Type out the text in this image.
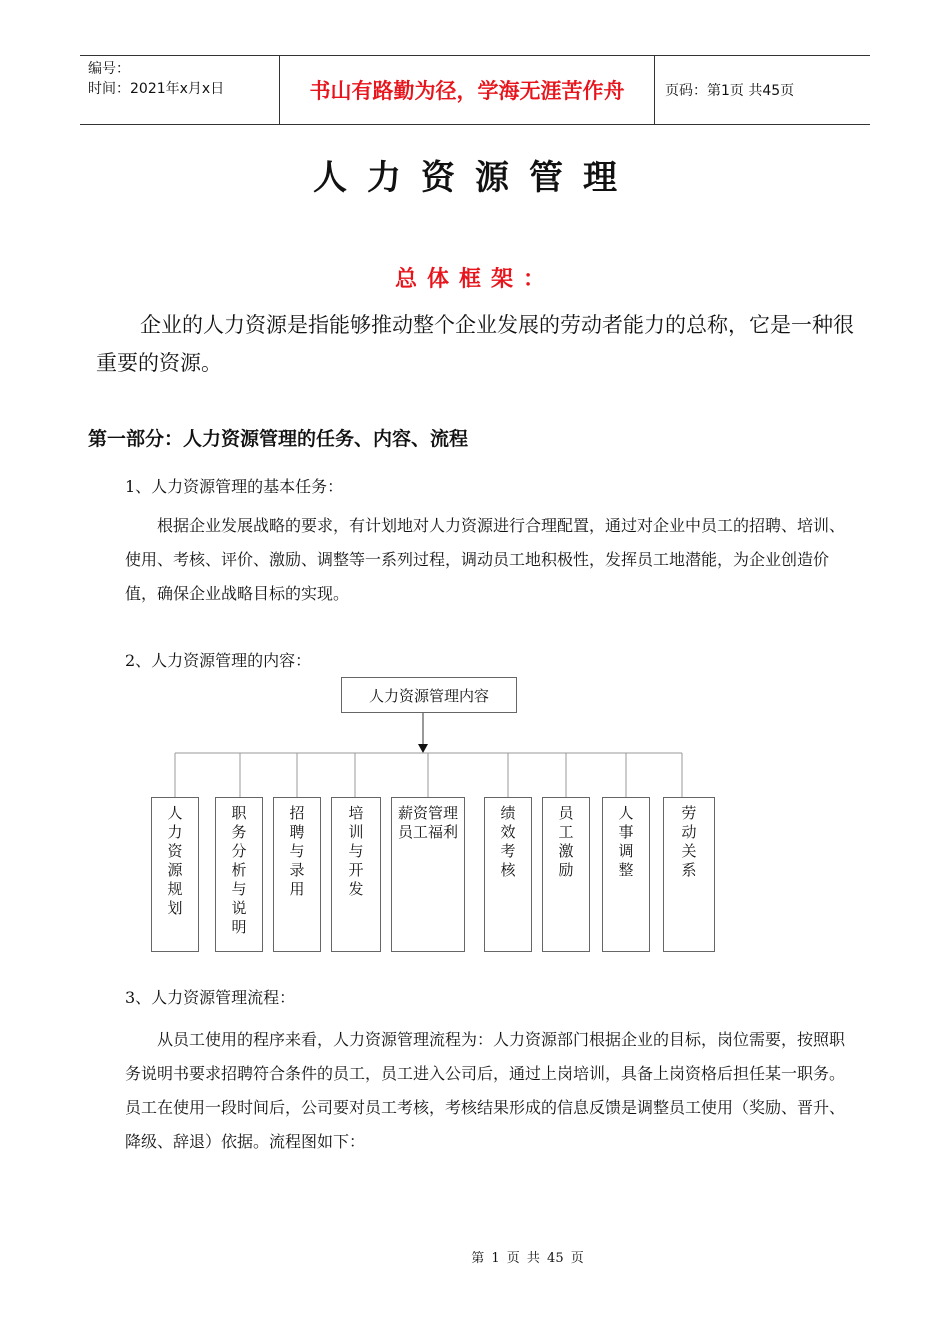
编号：
时间：2021年x月x日	书山有路勤为径，学海无涯苦作舟	页码：第1页 共45页
人力资源管理
总体框架：

企业的人力资源是指能够推动整个企业发展的劳动者能力的总称，它是一种很重要的资源。

第一部分：人力资源管理的任务、内容、流程
1、人力资源管理的基本任务：

根据企业发展战略的要求，有计划地对人力资源进行合理配置，通过对企业中员工的招聘、培训、使用、考核、评价、激励、调整等一系列过程，调动员工地积极性，发挥员工地潜能，为企业创造价值，确保企业战略目标的实现。

2、人力资源管理的内容：
人力资源管理内容
人力资源规划
职务分析与说明
招聘与录用
培训与开发
薪资管理员工福利
绩效考核
员工激励
人事调整
劳动关系
3、人力资源管理流程：

从员工使用的程序来看，人力资源管理流程为：人力资源部门根据企业的目标，岗位需要，按照职务说明书要求招聘符合条件的员工，员工进入公司后，通过上岗培训，具备上岗资格后担任某一职务。员工在使用一段时间后，公司要对员工考核，考核结果形成的信息反馈是调整员工使用（奖励、晋升、降级、辞退）依据。流程图如下：

第 1 页 共 45 页
